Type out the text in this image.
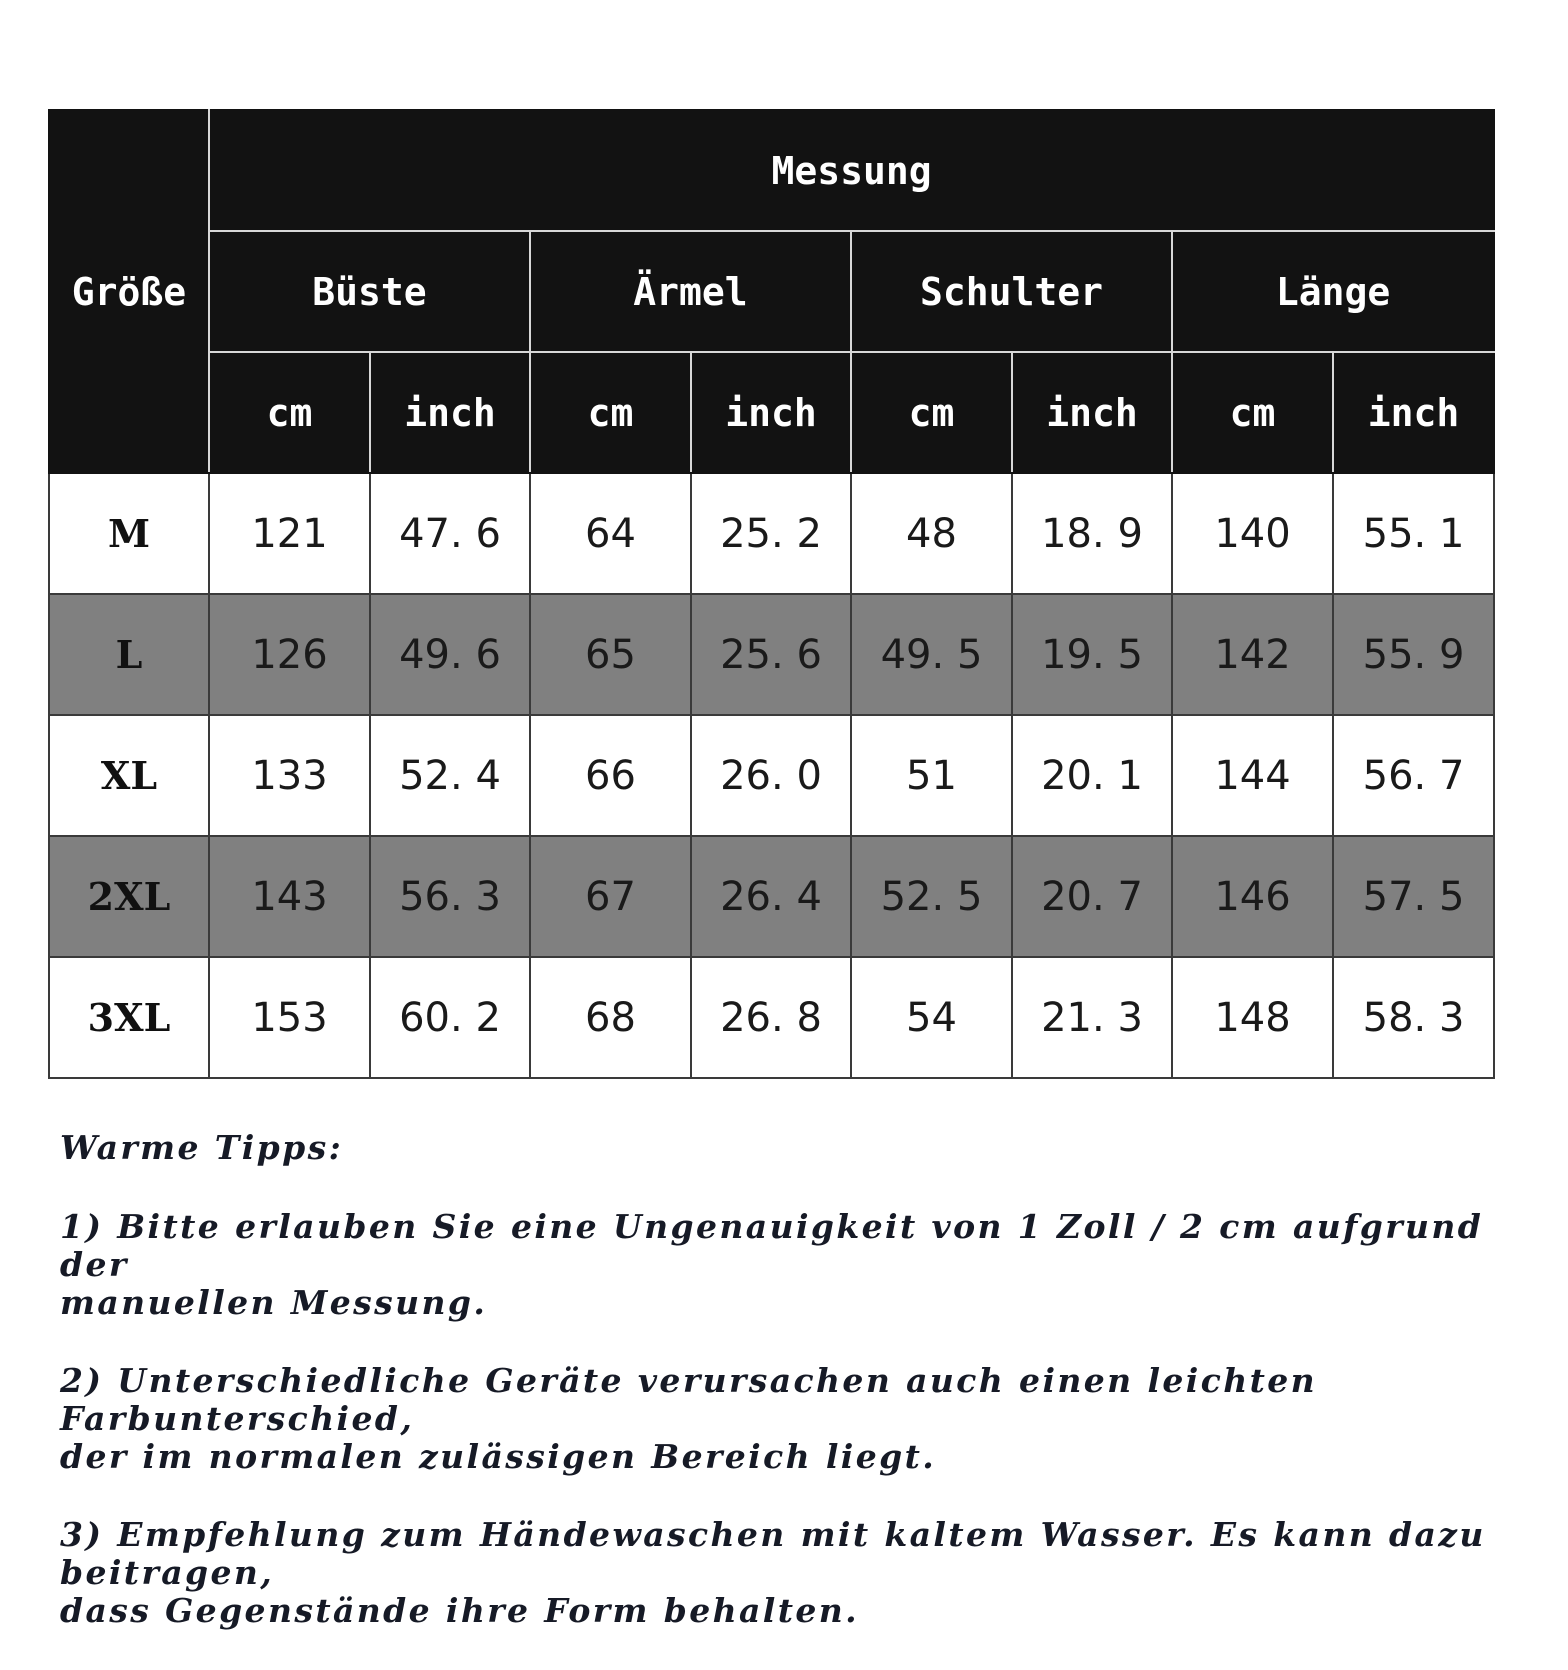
Größe	Messung							
	Büste		Ärmel		Schulter		Länge	
	cm	inch	cm	inch	cm	inch	cm	inch
M	121	47. 6	64	25. 2	48	18. 9	140	55. 1
L	126	49. 6	65	25. 6	49. 5	19. 5	142	55. 9
XL	133	52. 4	66	26. 0	51	20. 1	144	56. 7
2XL	143	56. 3	67	26. 4	52. 5	20. 7	146	57. 5
3XL	153	60. 2	68	26. 8	54	21. 3	148	58. 3
Warme Tipps:
1) Bitte erlauben Sie eine Ungenauigkeit von 1 Zoll / 2 cm aufgrund der
manuellen Messung.
2) Unterschiedliche Geräte verursachen auch einen leichten Farbunterschied,
der im normalen zulässigen Bereich liegt.
3) Empfehlung zum Händewaschen mit kaltem Wasser. Es kann dazu beitragen,
dass Gegenstände ihre Form behalten.
